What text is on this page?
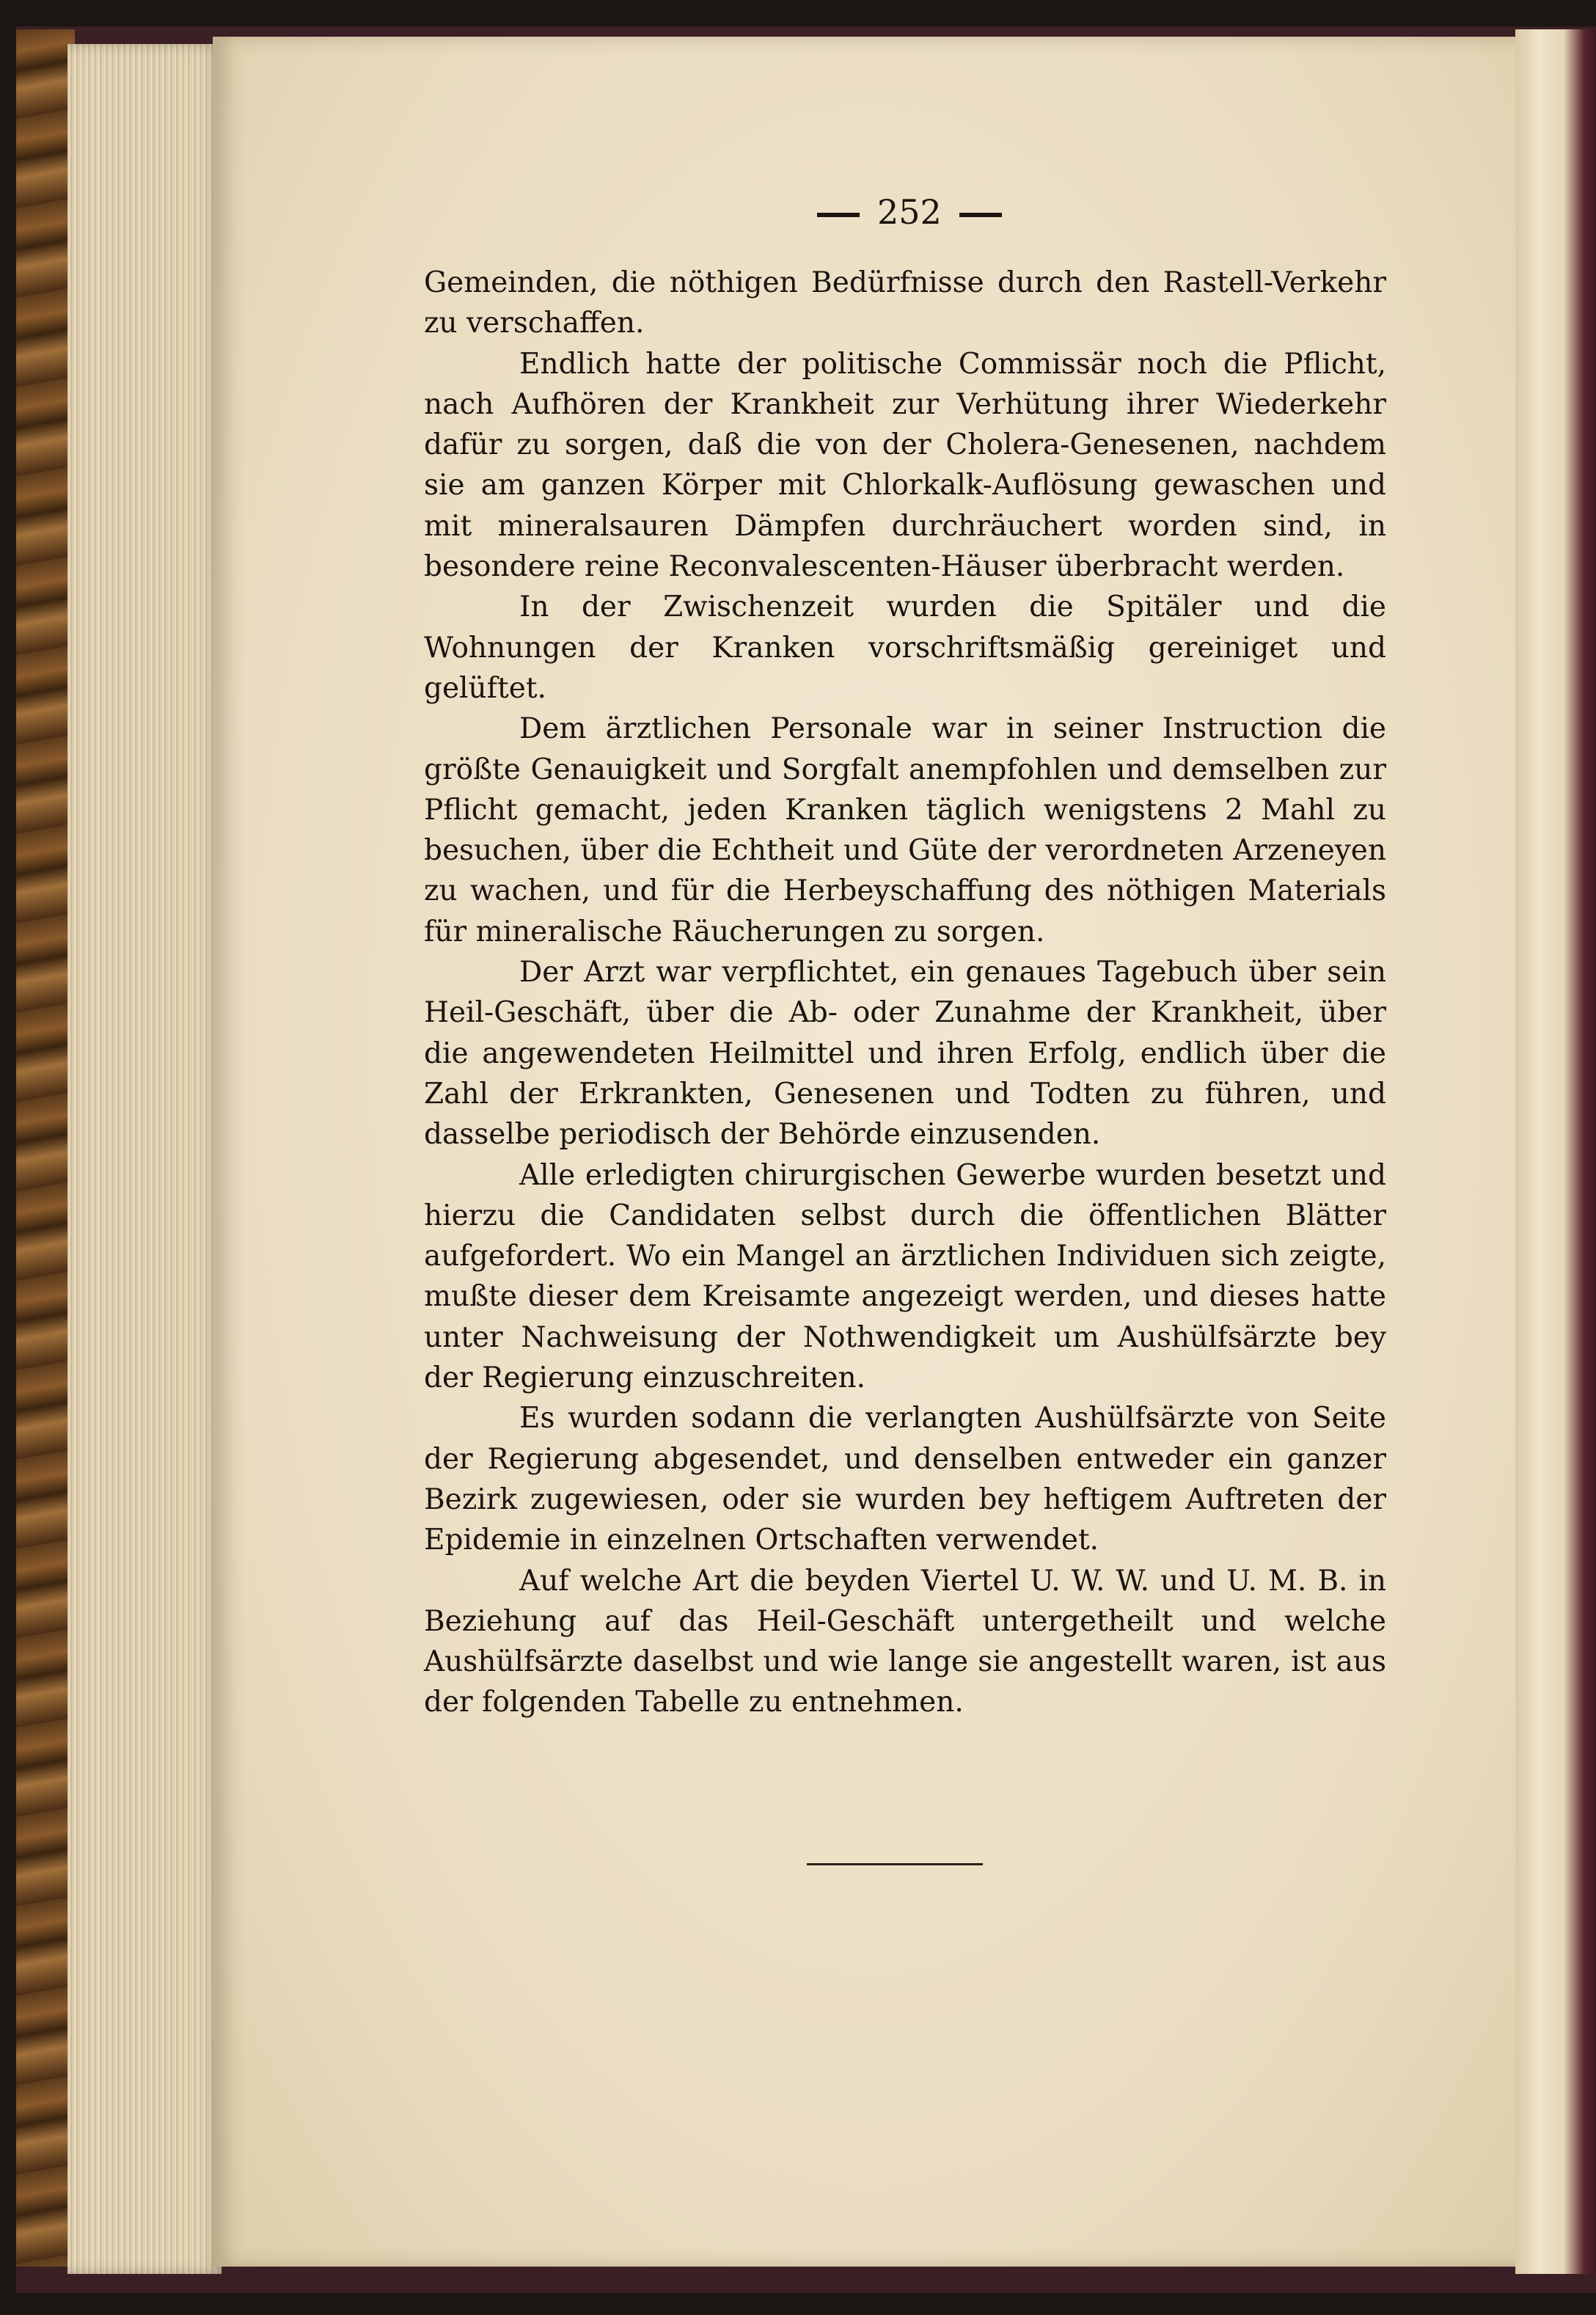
252

Gemeinden, die nöthigen Bedürfnisse durch den Rastell-Verkehr zu verschaffen.

Endlich hatte der politische Commissär noch die Pflicht, nach Aufhören der Krankheit zur Verhütung ihrer Wiederkehr dafür zu sorgen, daß die von der Cholera-Genesenen, nachdem sie am ganzen Körper mit Chlorkalk-Auflösung gewaschen und mit mineralsauren Dämpfen durchräuchert worden sind, in besondere reine Reconvalescenten-Häuser überbracht werden.

In der Zwischenzeit wurden die Spitäler und die Wohnungen der Kranken vorschriftsmäßig gereiniget und gelüftet.

Dem ärztlichen Personale war in seiner Instruction die größte Genauigkeit und Sorgfalt anempfohlen und demselben zur Pflicht gemacht, jeden Kranken täglich wenigstens 2 Mahl zu besuchen, über die Echtheit und Güte der verordneten Arzeneyen zu wachen, und für die Herbeyschaffung des nöthigen Materials für mineralische Räucherungen zu sorgen.

Der Arzt war verpflichtet, ein genaues Tagebuch über sein Heil-Geschäft, über die Ab- oder Zunahme der Krankheit, über die angewendeten Heilmittel und ihren Erfolg, endlich über die Zahl der Erkrankten, Genesenen und Todten zu führen, und dasselbe periodisch der Behörde einzusenden.

Alle erledigten chirurgischen Gewerbe wurden besetzt und hierzu die Candidaten selbst durch die öffentlichen Blätter aufgefordert. Wo ein Mangel an ärztlichen Individuen sich zeigte, mußte dieser dem Kreisamte angezeigt werden, und dieses hatte unter Nachweisung der Nothwendigkeit um Aushülfsärzte bey der Regierung einzuschreiten.

Es wurden sodann die verlangten Aushülfsärzte von Seite der Regierung abgesendet, und denselben entweder ein ganzer Bezirk zugewiesen, oder sie wurden bey heftigem Auftreten der Epidemie in einzelnen Ortschaften verwendet.

Auf welche Art die beyden Viertel U. W. W. und U. M. B. in Beziehung auf das Heil-Geschäft untergetheilt und welche Aushülfsärzte daselbst und wie lange sie angestellt waren, ist aus der folgenden Tabelle zu entnehmen.
